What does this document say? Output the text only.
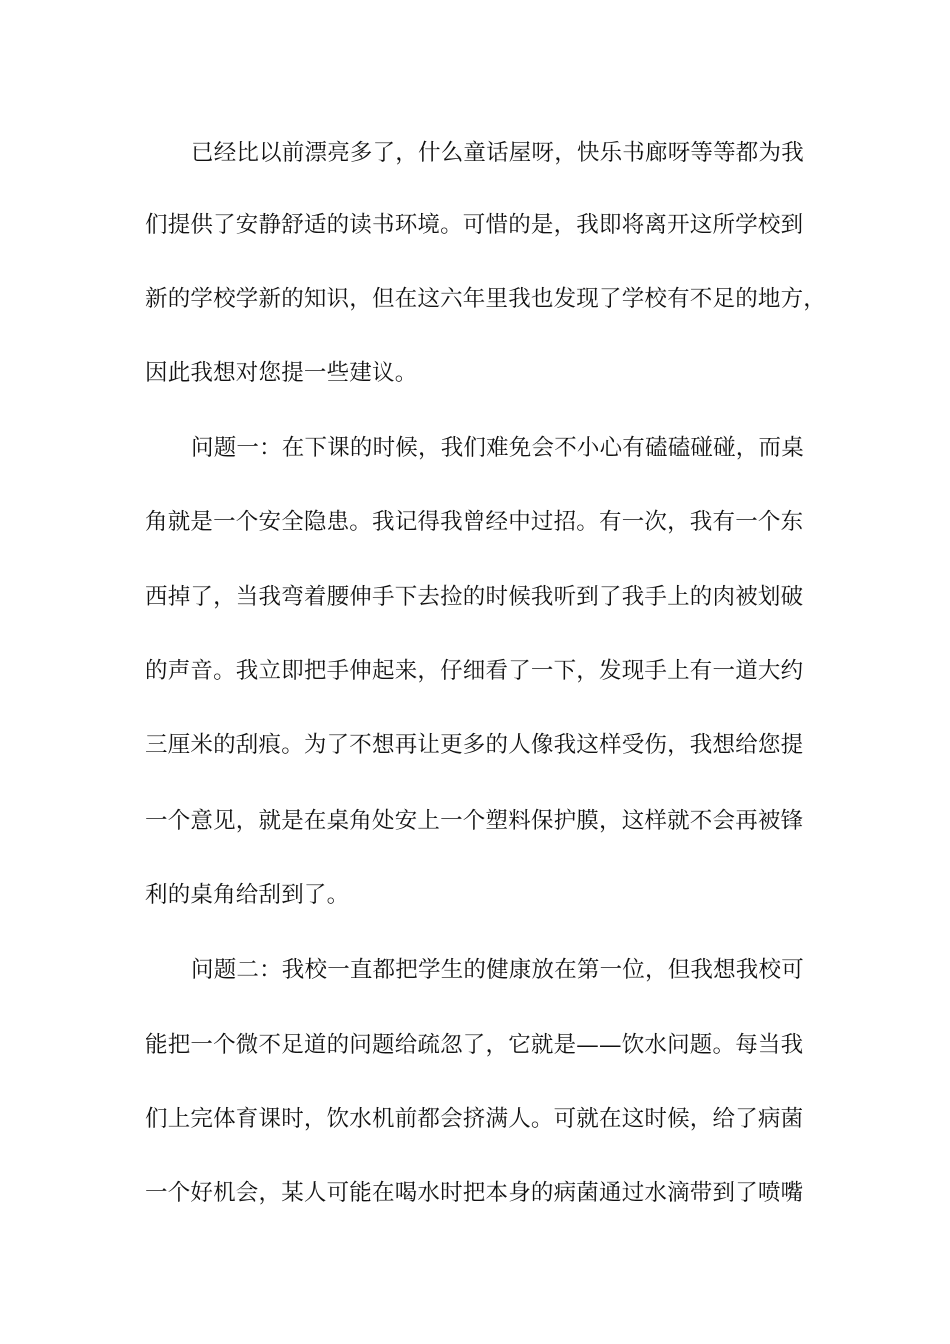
已经比以前漂亮多了，什么童话屋呀，快乐书廊呀等等都为我

们提供了安静舒适的读书环境。可惜的是，我即将离开这所学校到

新的学校学新的知识，但在这六年里我也发现了学校有不足的地方，

因此我想对您提一些建议。

问题一：在下课的时候，我们难免会不小心有磕磕碰碰，而桌

角就是一个安全隐患。我记得我曾经中过招。有一次，我有一个东

西掉了，当我弯着腰伸手下去捡的时候我听到了我手上的肉被划破

的声音。我立即把手伸起来，仔细看了一下，发现手上有一道大约

三厘米的刮痕。为了不想再让更多的人像我这样受伤，我想给您提

一个意见，就是在桌角处安上一个塑料保护膜，这样就不会再被锋

利的桌角给刮到了。

问题二：我校一直都把学生的健康放在第一位，但我想我校可

能把一个微不足道的问题给疏忽了，它就是——饮水问题。每当我

们上完体育课时，饮水机前都会挤满人。可就在这时候，给了病菌

一个好机会，某人可能在喝水时把本身的病菌通过水滴带到了喷嘴
